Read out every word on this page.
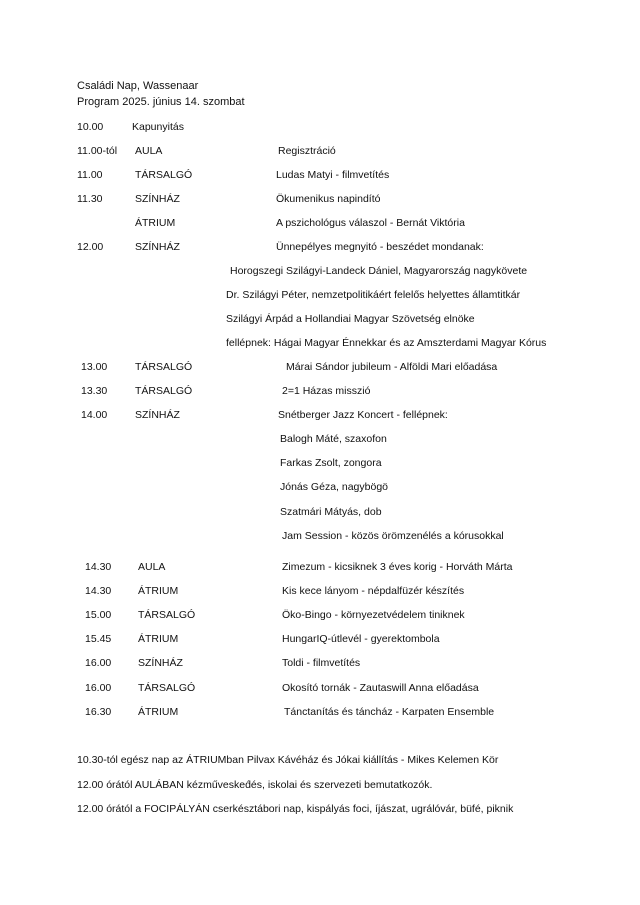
Családi Nap, Wassenaar
Program 2025. június 14. szombat
10.00	Kapunyitás
11.00-tól AULA	Regisztráció
11.00	TÁRSALGÓ	Ludas Matyi - filmvetítés
11.30	SZÍNHÁZ	Ökumenikus napindító
ÁTRIUM	A pszichológus válaszol - Bernát Viktória
12.00	SZÍNHÁZ	Ünnepélyes megnyitó - beszédet mondanak:
Horogszegi Szilágyi-Landeck Dániel, Magyarország nagykövete
Dr. Szilágyi Péter, nemzetpolitikáért felelős helyettes államtitkár
Szilágyi Árpád a Hollandiai Magyar Szövetség elnöke
fellépnek: Hágai Magyar Énnekkar és az Amszterdami Magyar Kórus
13.00	TÁRSALGÓ	Márai Sándor jubileum - Alföldi Mari előadása
13.30	TÁRSALGÓ	2=1 Házas misszió
14.00	SZÍNHÁZ	Snétberger Jazz Koncert - fellépnek:
Balogh Máté, szaxofon
Farkas Zsolt, zongora
Jónás Géza, nagybögö
Szatmári Mátyás, dob
Jam Session - közös örömzenélés a kórusokkal
14.30	AULA	Zimezum - kicsiknek 3 éves korig - Horváth Márta
14.30	ÁTRIUM	Kis kece lányom - népdalfüzér készítés
15.00	TÁRSALGÓ	Öko-Bingo - környezetvédelem tiniknek
15.45	ÁTRIUM	HungarIQ-útlevél - gyerektombola
16.00	SZÍNHÁZ	Toldi - filmvetítés
16.00	TÁRSALGÓ	Okosító tornák - Zautaswill Anna előadása
16.30	ÁTRIUM	Tánctanítás és táncház - Karpaten Ensemble
10.30-tól egész nap az ÁTRIUMban Pilvax Kávéház és Jókai kiállítás - Mikes Kelemen Kör
12.00 órától AULÁBAN kézművesked́és, iskolai és szervezeti bemutatkozók.
12.00 órától a FOCIPÁLYÁN cserkésztábori nap, kispályás foci, íjászat, ugrálóvár, büfé, piknik
